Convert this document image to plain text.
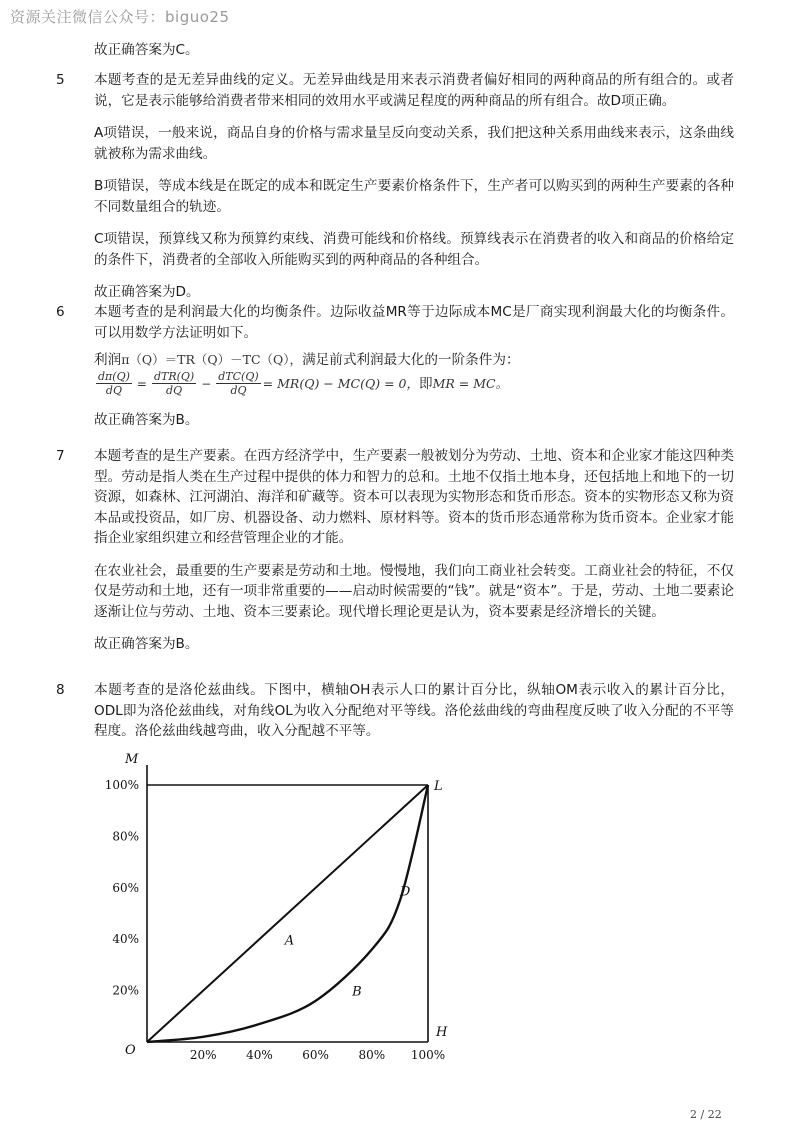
资源关注微信公众号：biguo25
故正确答案为C。
5 本题考查的是无差异曲线的定义。无差异曲线是用来表示消费者偏好相同的两种商品的所有组合的。或者说，它是表示能够给消费者带来相同的效用水平或满足程度的两种商品的所有组合。故D项正确。

A项错误，一般来说，商品自身的价格与需求量呈反向变动关系，我们把这种关系用曲线来表示，这条曲线就被称为需求曲线。

B项错误，等成本线是在既定的成本和既定生产要素价格条件下，生产者可以购买到的两种生产要素的各种不同数量组合的轨迹。

C项错误，预算线又称为预算约束线、消费可能线和价格线。预算线表示在消费者的收入和商品的价格给定的条件下，消费者的全部收入所能购买到的两种商品的各种组合。

故正确答案为D。

6 本题考查的是利润最大化的均衡条件。边际收益MR等于边际成本MC是厂商实现利润最大化的均衡条件。可以用数学方法证明如下。

利润π（Q）＝TR（Q）－TC（Q），满足前式利润最大化的一阶条件为：
$\frac{d\pi(Q)}{dQ} = \frac{\text{dTR(Q)}}{dQ} - \frac{\text{dTC(Q)}}{dQ} = MR(Q) - MC(Q) = 0$，即MR = MC。

故正确答案为B。

7 本题考查的是生产要素。在西方经济学中，生产要素一般被划分为劳动、土地、资本和企业家才能这四种类型。劳动是指人类在生产过程中提供的体力和智力的总和。土地不仅指土地本身，还包括地上和地下的一切资源，如森林、江河湖泊、海洋和矿藏等。资本可以表现为实物形态和货币形态。资本的实物形态又称为资本品或投资品，如厂房、机器设备、动力燃料、原材料等。资本的货币形态通常称为货币资本。企业家才能指企业家组织建立和经营管理企业的才能。

在农业社会，最重要的生产要素是劳动和土地。慢慢地，我们向工商业社会转变。工商业社会的特征，不仅仅是劳动和土地，还有一项非常重要的——启动时候需要的“钱”。就是“资本”。于是，劳动、土地二要素论逐渐让位与劳动、土地、资本三要素论。现代增长理论更是认为，资本要素是经济增长的关键。

故正确答案为B。

8 本题考查的是洛伦兹曲线。下图中，横轴OH表示人口的累计百分比，纵轴OM表示收入的累计百分比，ODL即为洛伦兹曲线，对角线OL为收入分配绝对平等线。洛伦兹曲线的弯曲程度反映了收入分配的不平等程度。洛伦兹曲线越弯曲，收入分配越不平等。

20%
40%
60%
80%
100%
20% 40% 60% 80% 100%
M
L
O
H
A
B
D
2 / 22
